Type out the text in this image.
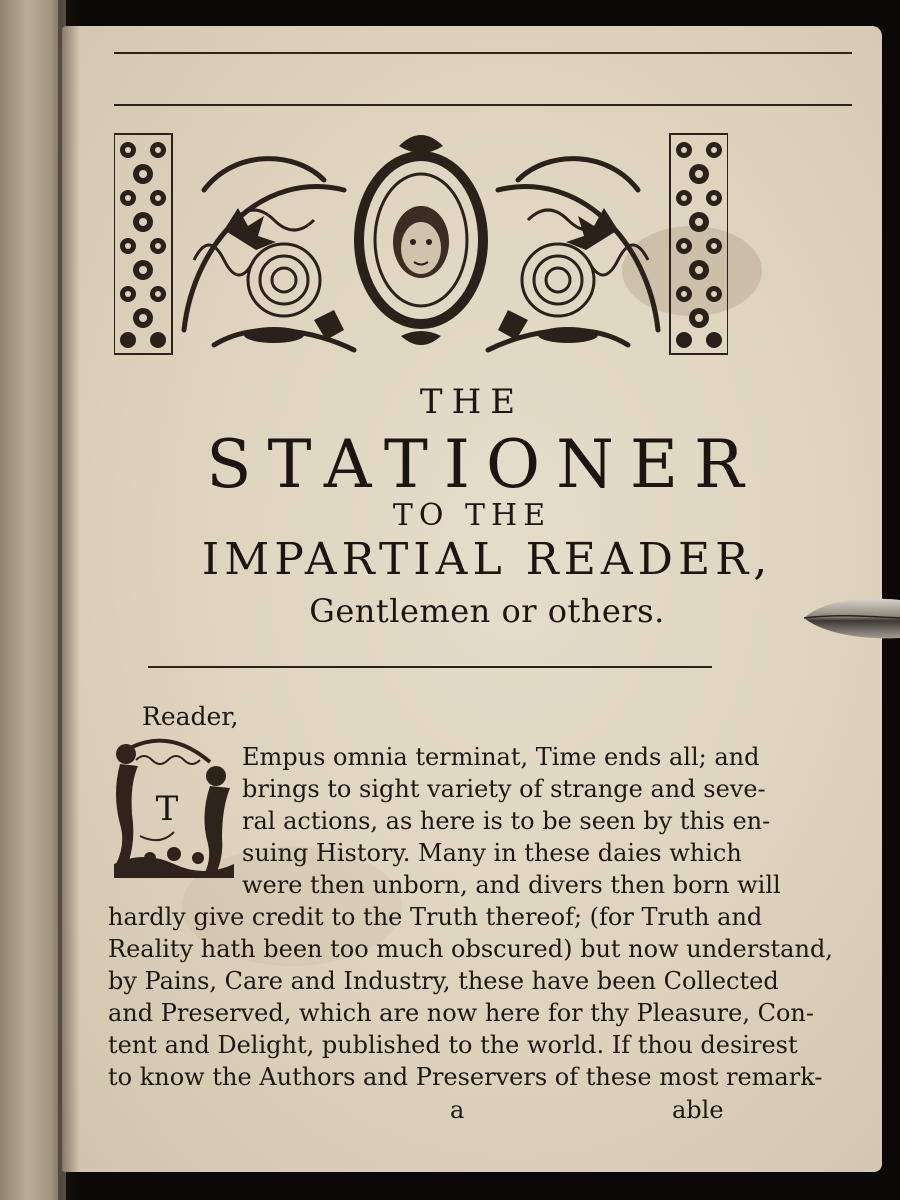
THE
STATIONER
TO THE
IMPARTIAL READER,
Gentlemen or others.
Reader,
T
Empus omnia terminat, Time ends all; and
brings to sight variety of strange and seve-
ral actions, as here is to be seen by this en-
suing History. Many in these daies which
were then unborn, and divers then born will
hardly give credit to the Truth thereof; (for Truth and
Reality hath been too much obscured) but now understand,
by Pains, Care and Industry, these have been Collected
and Preserved, which are now here for thy Pleasure, Con-
tent and Delight, published to the world. If thou desirest
to know the Authors and Preservers of these most remark-
a	able
